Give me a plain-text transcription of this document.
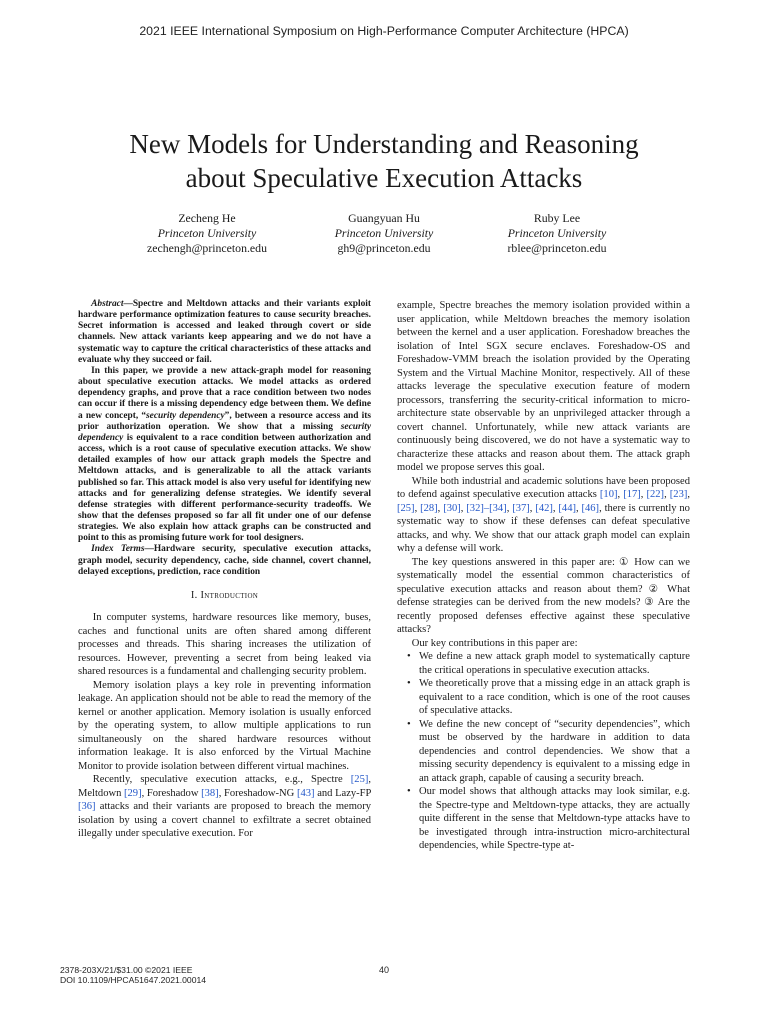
2021 IEEE International Symposium on High-Performance Computer Architecture (HPCA)
New Models for Understanding and Reasoning
about Speculative Execution Attacks
Zecheng He
Princeton University
zechengh@princeton.edu
Guangyuan Hu
Princeton University
gh9@princeton.edu
Ruby Lee
Princeton University
rblee@princeton.edu

Abstract—Spectre and Meltdown attacks and their variants exploit hardware performance optimization features to cause security breaches. Secret information is accessed and leaked through covert or side channels. New attack variants keep appearing and we do not have a systematic way to capture the critical characteristics of these attacks and evaluate why they succeed or fail.

In this paper, we provide a new attack-graph model for reasoning about speculative execution attacks. We model attacks as ordered dependency graphs, and prove that a race condition between two nodes can occur if there is a missing dependency edge between them. We define a new concept, “security dependency”, between a resource access and its prior authorization operation. We show that a missing security dependency is equivalent to a race condition between authorization and access, which is a root cause of speculative execution attacks. We show detailed examples of how our attack graph models the Spectre and Meltdown attacks, and is generalizable to all the attack variants published so far. This attack model is also very useful for identifying new attacks and for generalizing defense strategies. We identify several defense strategies with different performance-security tradeoffs. We show that the defenses proposed so far all fit under one of our defense strategies. We also explain how attack graphs can be constructed and point to this as promising future work for tool designers.

Index Terms—Hardware security, speculative execution attacks, graph model, security dependency, cache, side channel, covert channel, delayed exceptions, prediction, race condition

I. Introduction

In computer systems, hardware resources like memory, buses, caches and functional units are often shared among different processes and threads. This sharing increases the utilization of resources. However, preventing a secret from being leaked via shared resources is a fundamental and challenging security problem.

Memory isolation plays a key role in preventing information leakage. An application should not be able to read the memory of the kernel or another application. Memory isolation is usually enforced by the operating system, to allow multiple applications to run simultaneously on the shared hardware resources without information leakage. It is also enforced by the Virtual Machine Monitor to provide isolation between different virtual machines.

Recently, speculative execution attacks, e.g., Spectre [25], Meltdown [29], Foreshadow [38], Foreshadow-NG [43] and Lazy-FP [36] attacks and their variants are proposed to breach the memory isolation by using a covert channel to exfiltrate a secret obtained illegally under speculative execution. For

example, Spectre breaches the memory isolation provided within a user application, while Meltdown breaches the memory isolation between the kernel and a user application. Foreshadow breaches the isolation of Intel SGX secure enclaves. Foreshadow-OS and Foreshadow-VMM breach the isolation provided by the Operating System and the Virtual Machine Monitor, respectively. All of these attacks leverage the speculative execution feature of modern processors, transferring the security-critical information to micro-architecture state observable by an unprivileged attacker through a covert channel. Unfortunately, while new attack variants are continuously being discovered, we do not have a systematic way to characterize these attacks and reason about them. The attack graph model we propose serves this goal.

While both industrial and academic solutions have been proposed to defend against speculative execution attacks [10], [17], [22], [23], [25], [28], [30], [32]–[34], [37], [42], [44], [46], there is currently no systematic way to show if these defenses can defeat speculative attacks, and why. We show that our attack graph model can explain why a defense will work.

The key questions answered in this paper are: ① How can we systematically model the essential common characteristics of speculative execution attacks and reason about them? ② What defense strategies can be derived from the new models? ③ Are the recently proposed defenses effective against these speculative attacks?

Our key contributions in this paper are:

• We define a new attack graph model to systematically capture the critical operations in speculative execution attacks.
• We theoretically prove that a missing edge in an attack graph is equivalent to a race condition, which is one of the root causes of speculative attacks.
• We define the new concept of “security dependencies”, which must be observed by the hardware in addition to data dependencies and control dependencies. We show that a missing security dependency is equivalent to a missing edge in an attack graph, capable of causing a security breach.
• Our model shows that although attacks may look similar, e.g. the Spectre-type and Meltdown-type attacks, they are actually quite different in the sense that Meltdown-type attacks have to be investigated through intra-instruction micro-architectural dependencies, while Spectre-type at-
2378-203X/21/$31.00 ©2021 IEEE
DOI 10.1109/HPCA51647.2021.00014
40
